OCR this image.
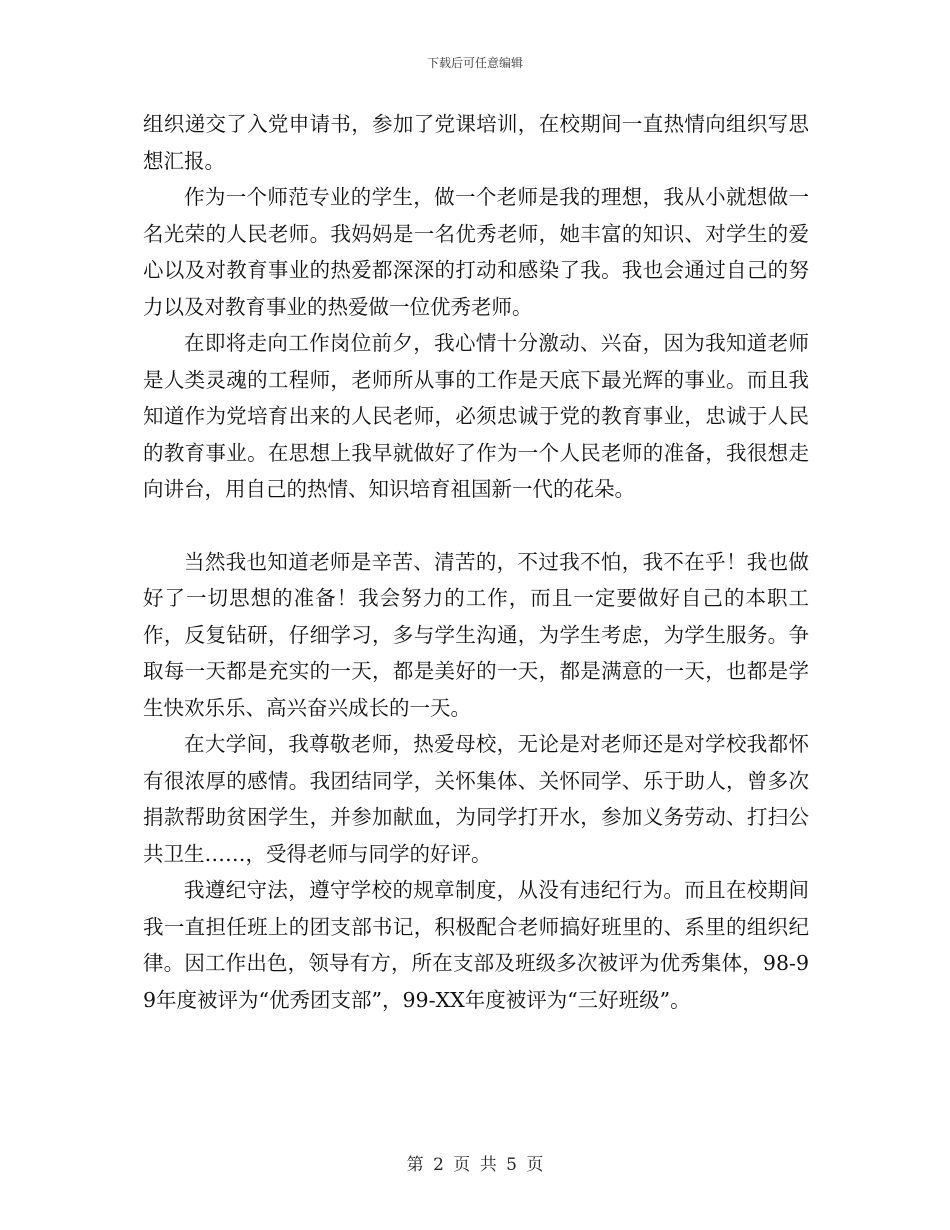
下载后可任意编辑

组织递交了入党申请书，参加了党课培训，在校期间一直热情向组织写思想汇报。

作为一个师范专业的学生，做一个老师是我的理想，我从小就想做一名光荣的人民老师。我妈妈是一名优秀老师，她丰富的知识、对学生的爱心以及对教育事业的热爱都深深的打动和感染了我。我也会通过自己的努力以及对教育事业的热爱做一位优秀老师。

在即将走向工作岗位前夕，我心情十分激动、兴奋，因为我知道老师是人类灵魂的工程师，老师所从事的工作是天底下最光辉的事业。而且我知道作为党培育出来的人民老师，必须忠诚于党的教育事业，忠诚于人民的教育事业。在思想上我早就做好了作为一个人民老师的准备，我很想走向讲台，用自己的热情、知识培育祖国新一代的花朵。

当然我也知道老师是辛苦、清苦的，不过我不怕，我不在乎！我也做好了一切思想的准备！我会努力的工作，而且一定要做好自己的本职工作，反复钻研，仔细学习，多与学生沟通，为学生考虑，为学生服务。争取每一天都是充实的一天，都是美好的一天，都是满意的一天，也都是学生快欢乐乐、高兴奋兴成长的一天。

在大学间，我尊敬老师，热爱母校，无论是对老师还是对学校我都怀有很浓厚的感情。我团结同学，关怀集体、关怀同学、乐于助人，曾多次捐款帮助贫困学生，并参加献血，为同学打开水，参加义务劳动、打扫公共卫生……，受得老师与同学的好评。

我遵纪守法，遵守学校的规章制度，从没有违纪行为。而且在校期间我一直担任班上的团支部书记，积极配合老师搞好班里的、系里的组织纪律。因工作出色，领导有方，所在支部及班级多次被评为优秀集体，98-99年度被评为“优秀团支部”，99-XX年度被评为“三好班级”。

第 2 页 共 5 页
